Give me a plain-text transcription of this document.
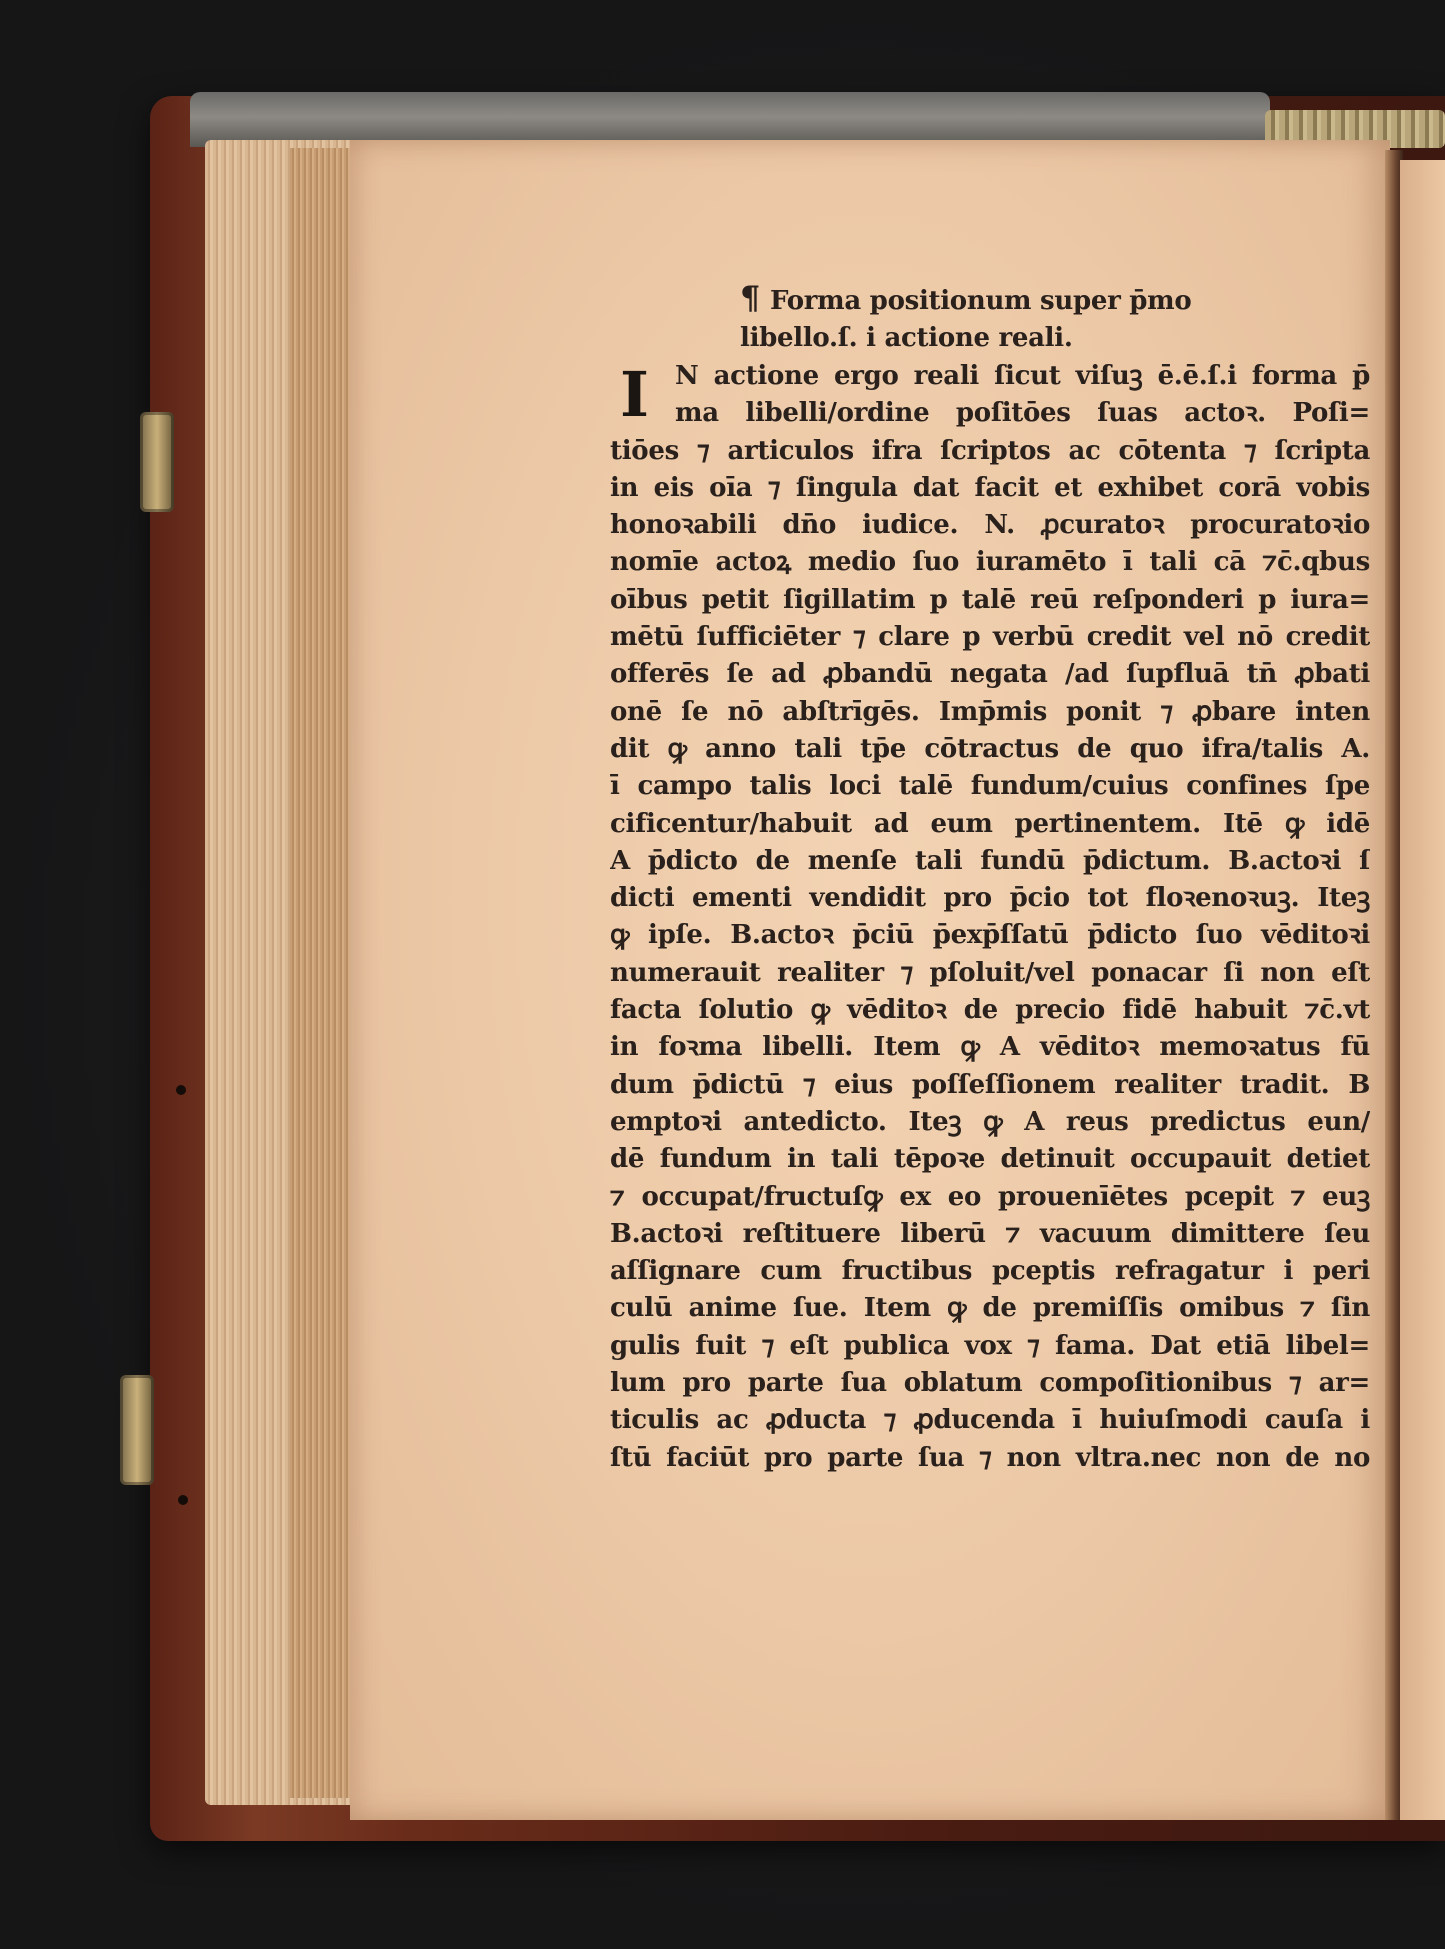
¶ Forma positionum super p̄mo
libello.ſ. i actione reali.
I	N actione ergo reali ſicut viſuꝫ ē.ē.ſ.i forma p̄
ma libelli/ordine poſitōes ſuas actoꝛ. Poſi=
tiōes ⁊ articulos ifra ſcriptos ac cōtenta ⁊ ſcripta
in eis oīa ⁊ ſingula dat facit et exhibet corā vobis
honoꝛabili dn̄o iudice. N. ꝓcuratoꝛ procuratoꝛio
nomīe actoꝝ medio ſuo iuramēto ī tali cā ⁊c̄.qbus
oībus petit ſigillatim p talē reū reſponderi p iura=
mētū ſufficiēter ⁊ clare p verbū credit vel nō credit
offerēs ſe ad ꝓbandū negata /ad ſupfluā tn̄ ꝓbati
onē ſe nō abſtrīgēs. Imp̄mis ponit ⁊ ꝓbare inten
dit ꝙ anno tali tp̄e cōtractus de quo ifra/talis A.
ī campo talis loci talē fundum/cuius confines ſpe
cificentur/habuit ad eum pertinentem. Itē ꝙ idē
A p̄dicto de menſe tali fundū p̄dictum. B.actoꝛi ſ
dicti ementi vendidit pro p̄cio tot floꝛenoꝛuꝫ. Iteꝫ
ꝙ ipſe. B.actoꝛ p̄ciū p̄exp̄ſſatū p̄dicto ſuo vēditoꝛi
numerauit realiter ⁊ pſoluit/vel ponacar ſi non eſt
facta ſolutio ꝙ vēditoꝛ de precio fidē habuit ⁊c̄.vt
in foꝛma libelli. Item ꝙ A vēditoꝛ memoꝛatus fū
dum p̄dictū ⁊ eius poſſeſſionem realiter tradit. B
emptoꝛi antedicto. Iteꝫ ꝙ A reus predictus eun/
dē fundum in tali tēpoꝛe detinuit occupauit detiet
⁊ occupat/fructuſꝙ ex eo prouenīētes pcepit ⁊ euꝫ
B.actoꝛi reſtituere liberū ⁊ vacuum dimittere ſeu
aſſignare cum fructibus pceptis refragatur i peri
culū anime ſue. Item ꝙ de premiſſis omibus ⁊ ſin
gulis fuit ⁊ eſt publica vox ⁊ fama. Dat etiā libel=
lum pro parte ſua oblatum compoſitionibus ⁊ ar=
ticulis ac ꝓducta ⁊ ꝓducenda ī huiuſmodi cauſa i
ſtū faciūt pro parte ſua ⁊ non vltra.nec non de no
